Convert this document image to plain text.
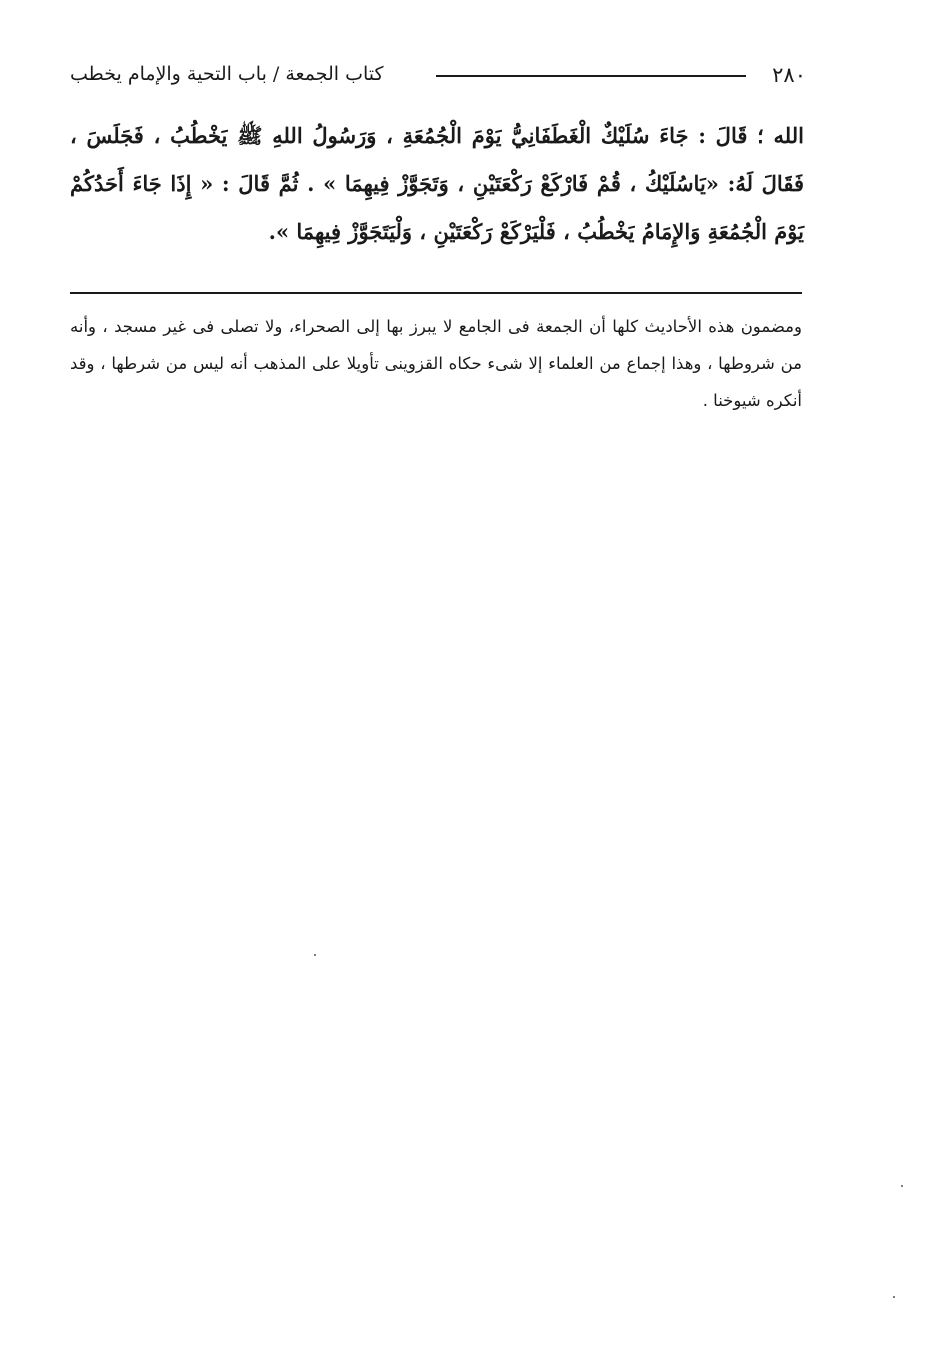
٢٨٠
كتاب الجمعة / باب التحية والإمام يخطب
الله ؛ قَالَ : جَاءَ سُلَيْكٌ الْغَطَفَانِيُّ يَوْمَ الْجُمُعَةِ ، وَرَسُولُ اللهِ ﷺ يَخْطُبُ ، فَجَلَسَ ، فَقَالَ لَهُ: «يَاسُلَيْكُ ، قُمْ فَارْكَعْ رَكْعَتَيْنِ ، وَتَجَوَّزْ فِيهِمَا » . ثُمَّ قَالَ : « إِذَا جَاءَ أَحَدُكُمْ يَوْمَ الْجُمُعَةِ وَالإِمَامُ يَخْطُبُ ، فَلْيَرْكَعْ رَكْعَتَيْنِ ، وَلْيَتَجَوَّزْ فِيهِمَا ».
ومضمون هذه الأحاديث كلها أن الجمعة فى الجامع لا يبرز بها إلى الصحراء، ولا تصلى فى غير مسجد ، وأنه من شروطها ، وهذا إجماع من العلماء إلا شىء حكاه القزوينى تأويلا على المذهب أنه ليس من شرطها ، وقد أنكره شيوخنا .
